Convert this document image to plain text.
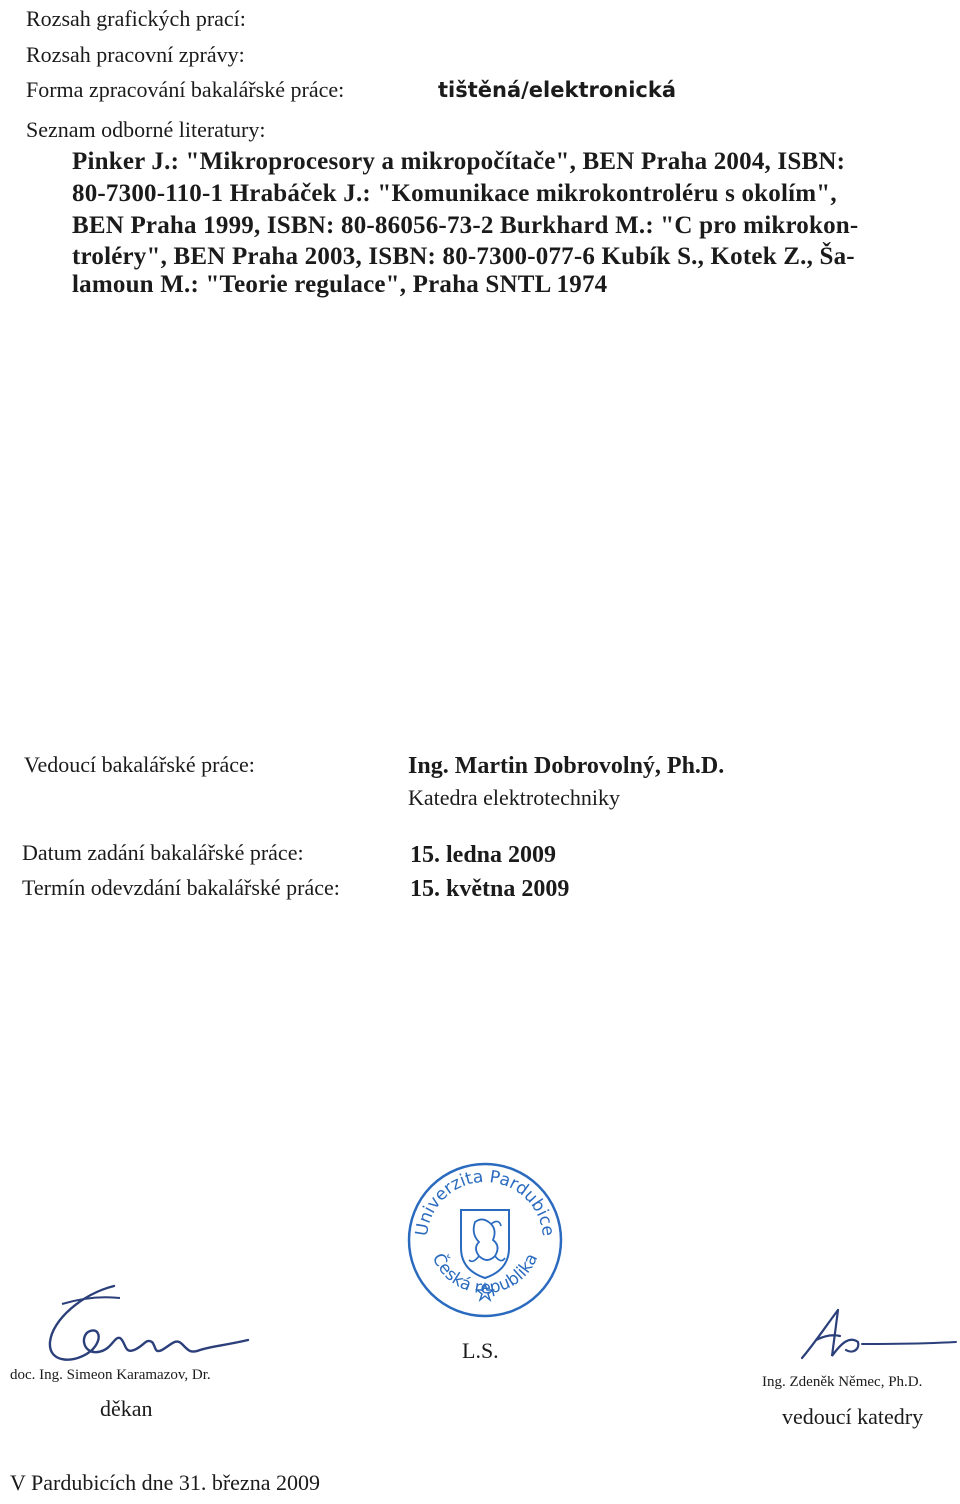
Rozsah grafických prací:
Rozsah pracovní zprávy:
Forma zpracování bakalářské práce:	tištěná/elektronická
Seznam odborné literatury:
Pinker J.: "Mikroprocesory a mikropočítače", BEN Praha 2004, ISBN:
80-7300-110-1 Hrabáček J.: "Komunikace mikrokontroléru s okolím",
BEN Praha 1999, ISBN: 80-86056-73-2 Burkhard M.: "C pro mikrokon-
troléry", BEN Praha 2003, ISBN: 80-7300-077-6 Kubík S., Kotek Z., Ša-
lamoun M.: "Teorie regulace", Praha SNTL 1974
Vedoucí bakalářské práce:	Ing. Martin Dobrovolný, Ph.D.
Katedra elektrotechniky
Datum zadání bakalářské práce:	15. ledna 2009
Termín odevzdání bakalářské práce:	15. května 2009
Univerzita Pardubice
Česká republika
doc. Ing. Simeon Karamazov, Dr.
děkan
L.S.
Ing. Zdeněk Němec, Ph.D.
vedoucí katedry
V Pardubicích dne 31. března 2009
